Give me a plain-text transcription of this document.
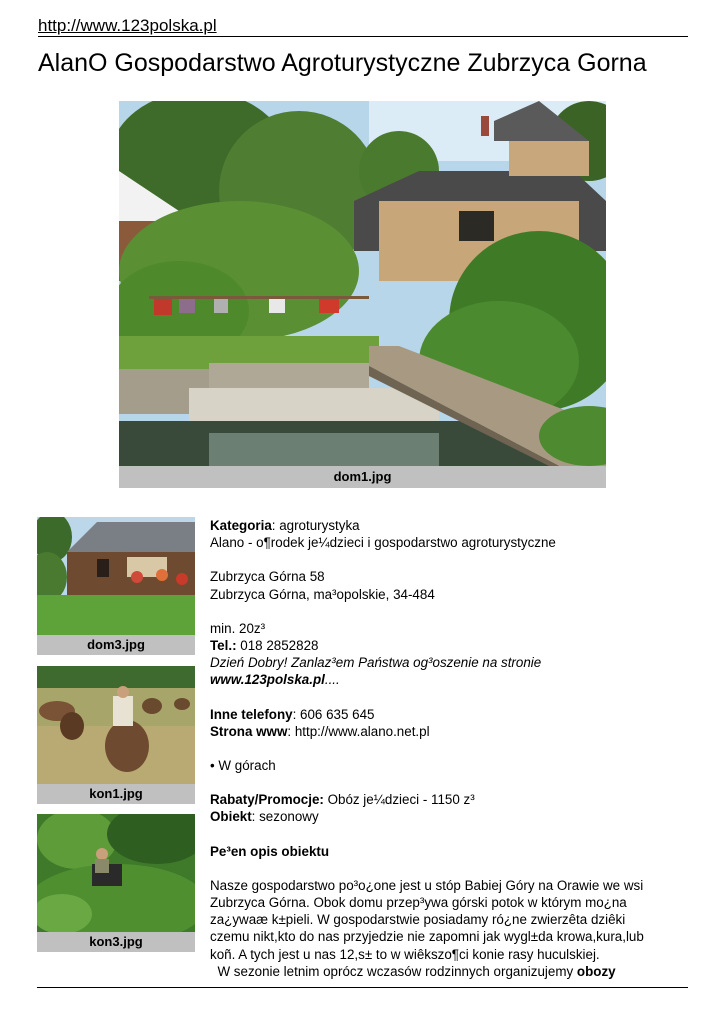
http://www.123polska.pl
AlanO Gospodarstwo Agroturystyczne Zubrzyca Gorna
dom1.jpg
dom3.jpg
kon1.jpg
kon3.jpg

Kategoria: agroturystyka

Alano - o¶rodek je¼dzieci i gospodarstwo agroturystyczne

Zubrzyca Górna 58

Zubrzyca Górna, ma³opolskie, 34-484

min. 20z³

Tel.: 018 2852828

Dzień Dobry! Zanlaz³em Państwa og³oszenie na stronie

www.123polska.pl....

Inne telefony: 606 635 645

Strona www: http://www.alano.net.pl

• W górach

Rabaty/Promocje: Obóz je¼dzieci - 1150 z³

Obiekt: sezonowy

Pe³en opis obiektu

Nasze gospodarstwo po³o¿one jest u stóp Babiej Góry na Orawie we wsi

Zubrzyca Górna. Obok domu przep³ywa górski potok w którym mo¿na

za¿ywaæ k±pieli. W gospodarstwie posiadamy ró¿ne zwierzêta dziêki

czemu nikt,kto do nas przyjedzie nie zapomni jak wygl±da krowa,kura,lub

koñ. A tych jest u nas 12,s± to w wiêkszo¶ci konie rasy huculskiej.

W sezonie letnim oprócz wczasów rodzinnych organizujemy obozy
